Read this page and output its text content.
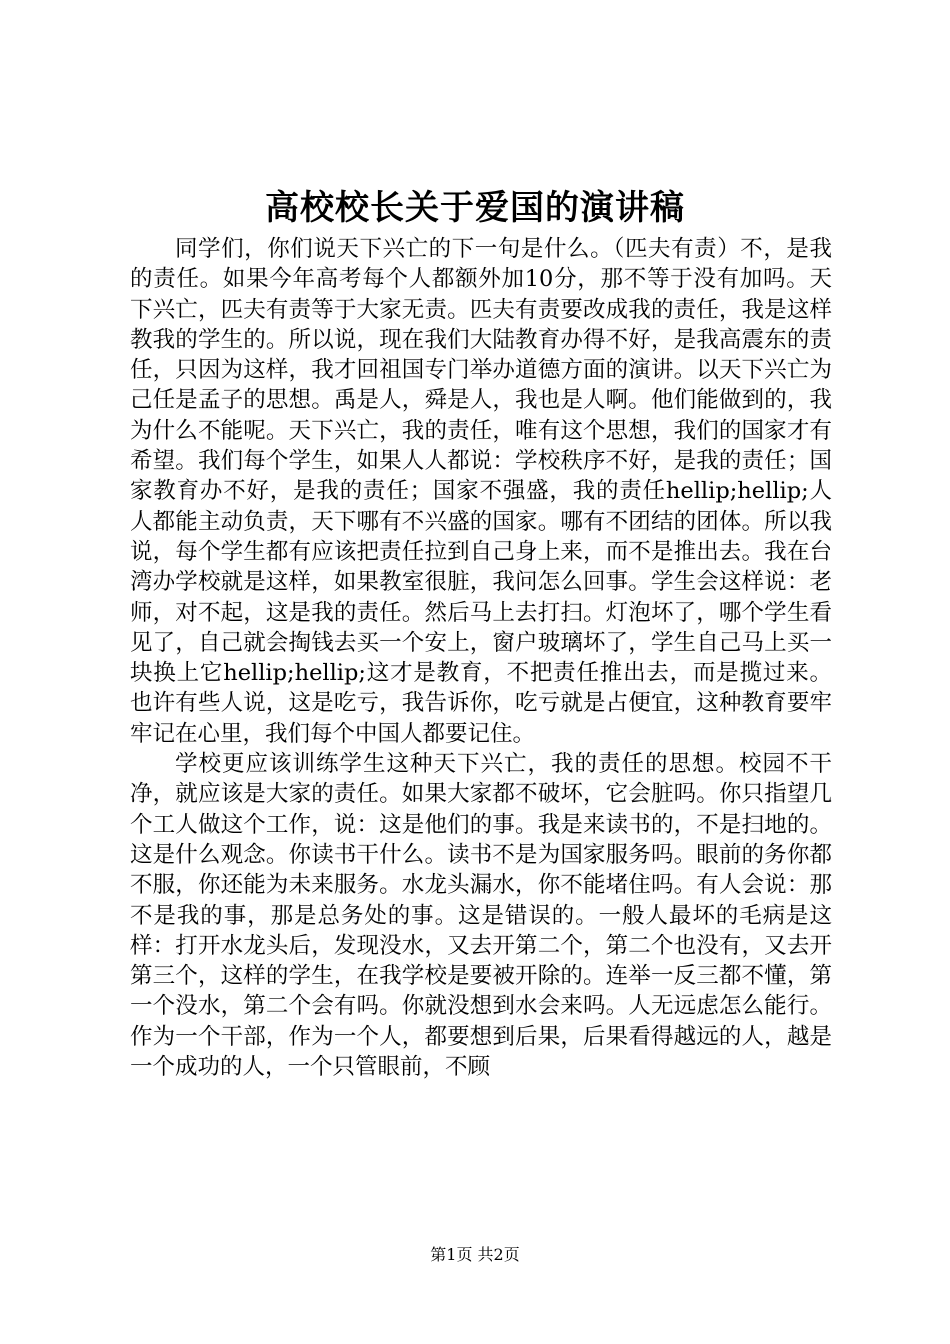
高校校长关于爱国的演讲稿

同学们，你们说天下兴亡的下一句是什么。（匹夫有责）不，是我的责任。如果今年高考每个人都额外加10分，那不等于没有加吗。天下兴亡，匹夫有责等于大家无责。匹夫有责要改成我的责任，我是这样教我的学生的。所以说，现在我们大陆教育办得不好，是我高震东的责任，只因为这样，我才回祖国专门举办道德方面的演讲。以天下兴亡为己任是孟子的思想。禹是人，舜是人，我也是人啊。他们能做到的，我为什么不能呢。天下兴亡，我的责任，唯有这个思想，我们的国家才有希望。我们每个学生，如果人人都说：学校秩序不好，是我的责任；国家教育办不好，是我的责任；国家不强盛，我的责任hellip;hellip;人人都能主动负责，天下哪有不兴盛的国家。哪有不团结的团体。所以我说，每个学生都有应该把责任拉到自己身上来，而不是推出去。我在台湾办学校就是这样，如果教室很脏，我问怎么回事。学生会这样说：老师，对不起，这是我的责任。然后马上去打扫。灯泡坏了，哪个学生看见了，自己就会掏钱去买一个安上，窗户玻璃坏了，学生自己马上买一块换上它hellip;hellip;这才是教育，不把责任推出去，而是揽过来。也许有些人说，这是吃亏，我告诉你，吃亏就是占便宜，这种教育要牢牢记在心里，我们每个中国人都要记住。

学校更应该训练学生这种天下兴亡，我的责任的思想。校园不干净，就应该是大家的责任。如果大家都不破坏，它会脏吗。你只指望几个工人做这个工作，说：这是他们的事。我是来读书的，不是扫地的。这是什么观念。你读书干什么。读书不是为国家服务吗。眼前的务你都不服，你还能为未来服务。水龙头漏水，你不能堵住吗。有人会说：那不是我的事，那是总务处的事。这是错误的。一般人最坏的毛病是这样：打开水龙头后，发现没水，又去开第二个，第二个也没有，又去开第三个，这样的学生，在我学校是要被开除的。连举一反三都不懂，第一个没水，第二个会有吗。你就没想到水会来吗。人无远虑怎么能行。作为一个干部，作为一个人，都要想到后果，后果看得越远的人，越是一个成功的人，一个只管眼前，不顾

第1页 共2页
